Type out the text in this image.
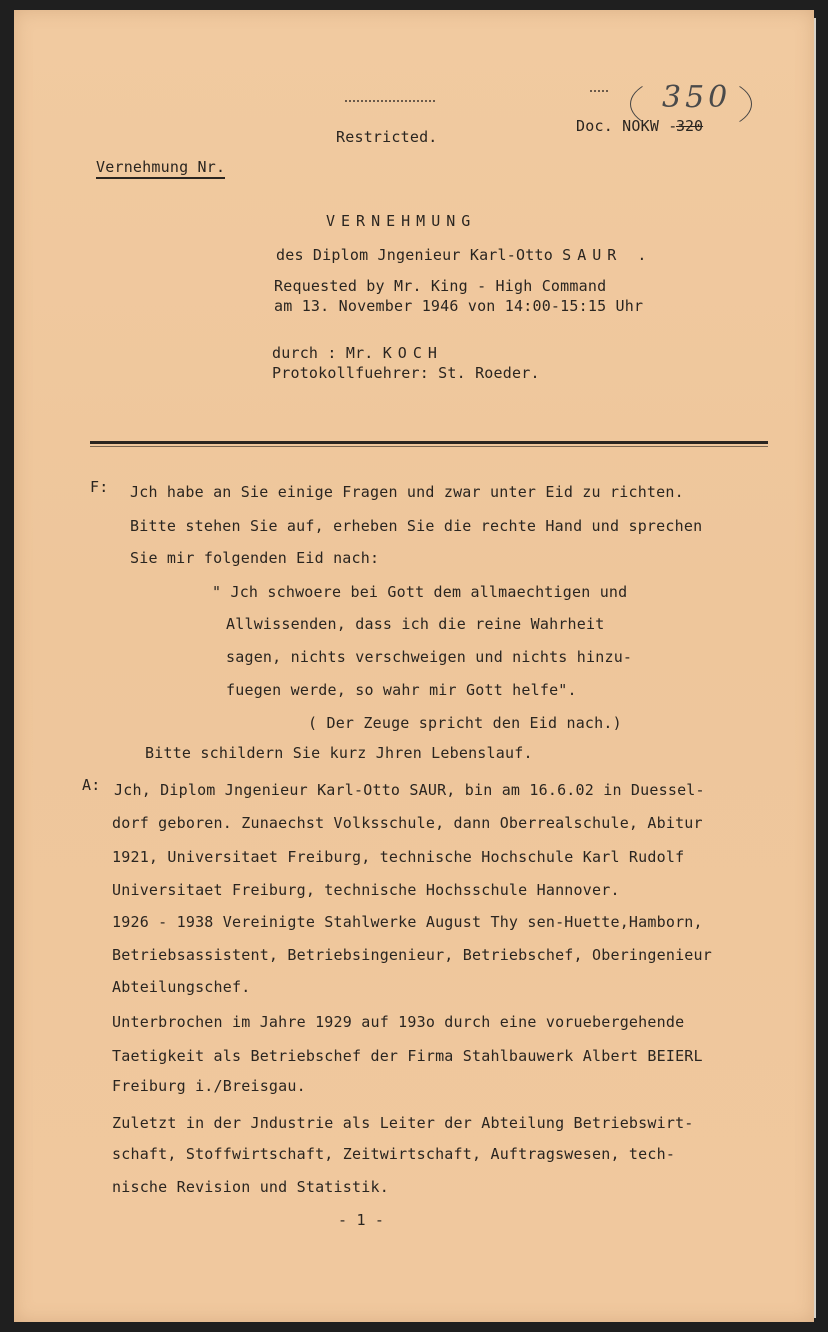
Restricted.
Doc. NOKW -
320
350
Vernehmung Nr.
VERNEHMUNG
des Diplom Jngenieur Karl-Otto SAUR .
Requested by Mr. King - High Command
am 13. November 1946 von 14:00-15:15 Uhr
durch : Mr. KOCH
Protokollfuehrer: St. Roeder.
F: Jch habe an Sie einige Fragen und zwar unter Eid zu richten.
Bitte stehen Sie auf, erheben Sie die rechte Hand und sprechen
Sie mir folgenden Eid nach:
" Jch schwoere bei Gott dem allmaechtigen und
Allwissenden, dass ich die reine Wahrheit
sagen, nichts verschweigen und nichts hinzu-
fuegen werde, so wahr mir Gott helfe".
( Der Zeuge spricht den Eid nach.)
Bitte schildern Sie kurz Jhren Lebenslauf.
A: Jch, Diplom Jngenieur Karl-Otto SAUR, bin am 16.6.02 in Duessel-
dorf geboren. Zunaechst Volksschule, dann Oberrealschule, Abitur
1921, Universitaet Freiburg, technische Hochschule Karl Rudolf
Universitaet Freiburg, technische Hochsschule Hannover.
1926 - 1938 Vereinigte Stahlwerke August Thy sen-Huette,Hamborn,
Betriebsassistent, Betriebsingenieur, Betriebschef, Oberingenieur
Abteilungschef.
Unterbrochen im Jahre 1929 auf 193o durch eine voruebergehende
Taetigkeit als Betriebschef der Firma Stahlbauwerk Albert BEIERL
Freiburg i./Breisgau.
Zuletzt in der Jndustrie als Leiter der Abteilung Betriebswirt-
schaft, Stoffwirtschaft, Zeitwirtschaft, Auftragswesen, tech-
nische Revision und Statistik.
- 1 -
